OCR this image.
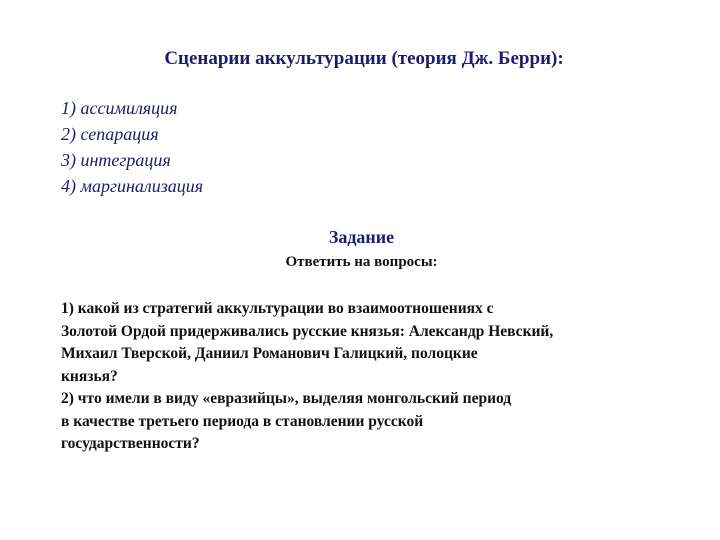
Сценарии аккультурации (теория Дж. Берри):
1) ассимиляция
2) сепарация
3) интеграция
4) маргинализация
Задание
Ответить на вопросы:
1) какой из стратегий аккультурации во взаимоотношениях с
Золотой Ордой придерживались русские князья: Александр Невский,
Михаил Тверской, Даниил Романович Галицкий, полоцкие
князья?
2) что имели в виду «евразийцы», выделяя монгольский период
в качестве третьего периода в становлении русской
государственности?
